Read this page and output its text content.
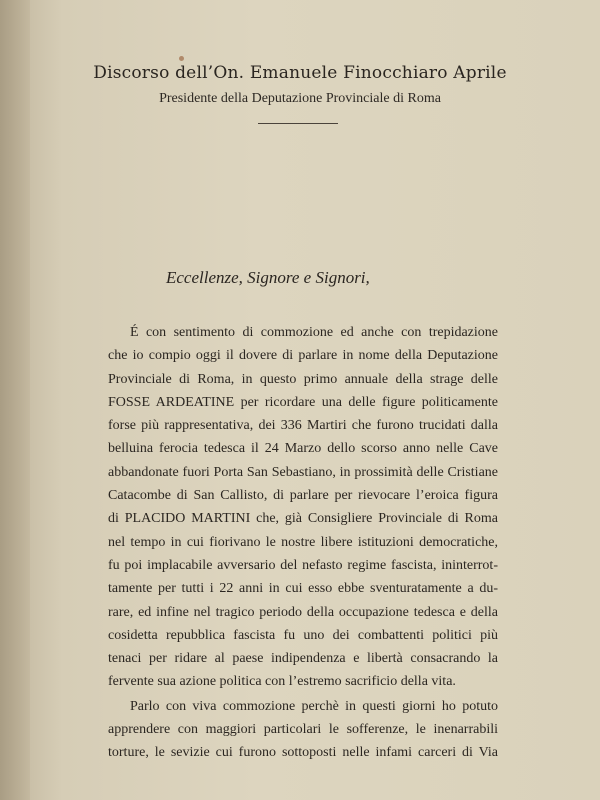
Discorso dell’On. Emanuele Finocchiaro Aprile
Presidente della Deputazione Provinciale di Roma
Eccellenze, Signore e Signori,
É con sentimento di commozione ed anche con trepidazione
che io compio oggi il dovere di parlare in nome della Deputazione
Provinciale di Roma, in questo primo annuale della strage delle
FOSSE ARDEATINE per ricordare una delle figure politicamente
forse più rappresentativa, dei 336 Martiri che furono trucidati dalla
belluina ferocia tedesca il 24 Marzo dello scorso anno nelle Cave
abbandonate fuori Porta San Sebastiano, in prossimità delle Cristiane
Catacombe di San Callisto, di parlare per rievocare l’eroica figura
di PLACIDO MARTINI che, già Consigliere Provinciale di Roma
nel tempo in cui fiorivano le nostre libere istituzioni democratiche,
fu poi implacabile avversario del nefasto regime fascista, ininterrot-
tamente per tutti i 22 anni in cui esso ebbe sventuratamente a du-
rare, ed infine nel tragico periodo della occupazione tedesca e della
cosidetta repubblica fascista fu uno dei combattenti politici più
tenaci per ridare al paese indipendenza e libertà consacrando la
fervente sua azione politica con l’estremo sacrificio della vita.
Parlo con viva commozione perchè in questi giorni ho potuto
apprendere con maggiori particolari le sofferenze, le inenarrabili
torture, le sevizie cui furono sottoposti nelle infami carceri di Via
